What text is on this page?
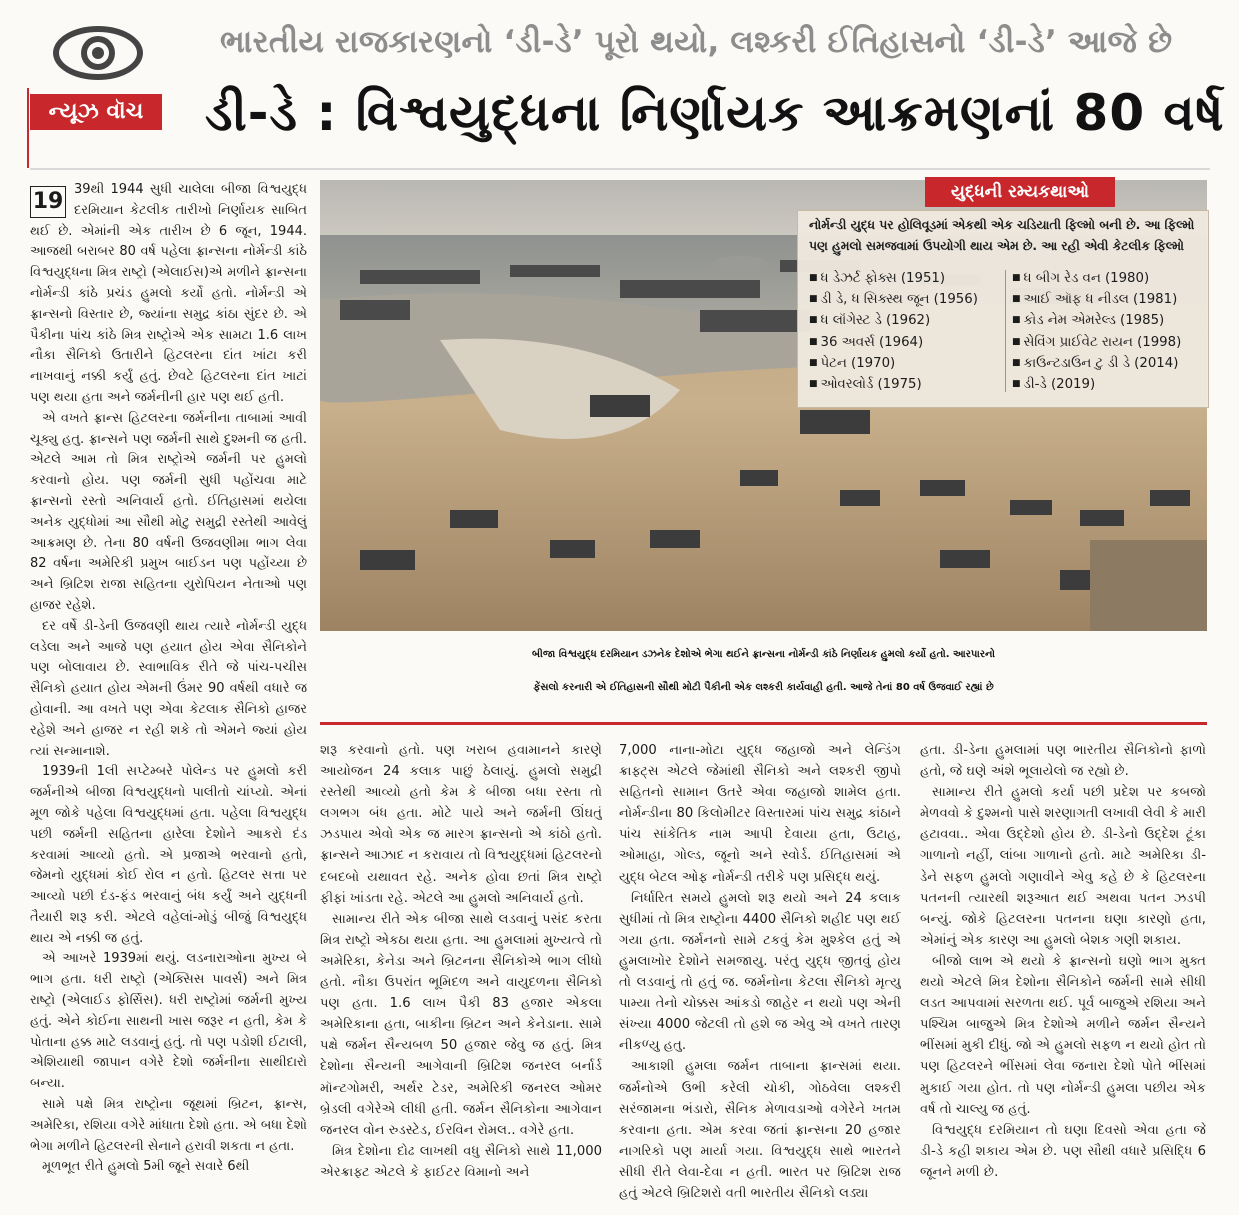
ન્યૂઝ વૉચ
ભારતીય રાજકારણનો ‘ડી-ડે’ પૂરો થયો, લશ્કરી ઈતિહાસનો ‘ડી-ડે’ આજે છે
ડી-ડે : વિશ્વયુદ્ધના નિર્ણાયક આક્રમણનાં 80 વર્ષ
19 39થી 1944 સુધી ચાલેલા બીજા વિશ્વયુદ્ધ દરમિયાન કેટલીક તારીખો નિર્ણાયક સાબિત થઈ છે. એમાંની એક તારીખ છે 6 જૂન, 1944. આજથી બરાબર 80 વર્ષ પહેલા ફ્રાન્સના નોર્મન્ડી કાંઠે વિશ્વયુદ્ધના મિત્ર રાષ્ટ્રો (એલાઈસ)એ મળીને ફ્રાન્સના નોર્મન્ડી કાંઠે પ્રચંડ હુમલો કર્યો હતો. નોર્મન્ડી એ ફ્રાન્સનો વિસ્તાર છે, જ્યાંના સમુદ્ર કાંઠા સુંદર છે. એ પૈકીના પાંચ કાંઠે મિત્ર રાષ્ટ્રોએ એક સામટા 1.6 લાખ નૌકા સૈનિકો ઉતારીને હિટલરના દાંત ખાંટા કરી નાખવાનું નક્કી કર્યું હતું. છેવટે હિટલરના દાંત ખાટાં પણ થયા હતા અને જર્મનીની હાર પણ થઈ હતી.

એ વખતે ફ્રાન્સ હિટલરના જર્મનીના તાબામાં આવી ચૂક્યુ હતુ. ફ્રાન્સને પણ જર્મની સાથે દુશ્મની જ હતી. એટલે આમ તો મિત્ર રાષ્ટ્રોએ જર્મની પર હુમલો કરવાનો હોય. પણ જર્મની સુધી પહોંચવા માટે ફ્રાન્સનો રસ્તો અનિવાર્ય હતો. ઈતિહાસમાં થયેલા અનેક યુદ્ધોમાં આ સૌથી મોટુ સમુદ્રી રસ્તેથી આવેલું આક્રમણ છે. તેના 80 વર્ષની ઉજવણીમા ભાગ લેવા 82 વર્ષના અમેરિકી પ્રમુખ બાઈડન પણ પહોંચ્યા છે અને બ્રિટિશ રાજા સહિતના યુરોપિયન નેતાઓ પણ હાજર રહેશે.

દર વર્ષે ડી-ડેની ઉજવણી થાય ત્યારે નોર્મન્ડી યુદ્ધ લડેલા અને આજે પણ હયાત હોય એવા સૈનિકોને પણ બોલાવાય છે. સ્વાભાવિક રીતે જે પાંચ-પચીસ સૈનિકો હયાત હોય એમની ઉંમર 90 વર્ષથી વધારે જ હોવાની. આ વખતે પણ એવા કેટલાક સૈનિકો હાજર રહેશે અને હાજર ન રહી શકે તો એમને જ્યાં હોય ત્યાં સન્માનાશે.

1939ની 1લી સપ્ટેમ્બરે પોલેન્ડ પર હુમલો કરી જર્મનીએ બીજા વિશ્વયુદ્ધનો પાલીતો ચાંપ્યો. એનાં મૂળ જોકે પહેલા વિશ્વયુદ્ધમાં હતા. પહેલા વિશ્વયુદ્ધ પછી જર્મની સહિતના હારેલા દેશોને આકરો દંડ કરવામાં આવ્યો હતો. એ પ્રજાએ ભરવાનો હતો, જેમનો યુદ્ધમાં કોઈ રોલ ન હતો. હિટલર સત્તા પર આવ્યો પછી દંડ-ફંડ ભરવાનું બંધ કર્યું અને યુદ્ધની તૈયારી શરૂ કરી. એટલે વહેલાં-મોડું બીજું વિશ્વયુદ્ધ થાય એ નક્કી જ હતું.

એ આખરે 1939માં થયું. લડનારાઓના મુખ્ય બે ભાગ હતા. ધરી રાષ્ટ્રો (એક્સિસ પાવર્સ) અને મિત્ર રાષ્ટ્રો (એલાઈડ ફોર્સિસ). ધરી રાષ્ટ્રોમાં જર્મની મુખ્ય હતું. એને કોઈના સાથની ખાસ જરૂર ન હતી, કેમ કે પોતાના હક્ક માટે લડવાનું હતું. તો પણ પડોશી ઈટાલી, એશિયાથી જાપાન વગેરે દેશો જર્મનીના સાથીદારો બન્યા.

સામે પક્ષે મિત્ર રાષ્ટ્રોના જૂથમાં બ્રિટન, ફ્રાન્સ, અમેરિકા, રશિયા વગેરે માંધાતા દેશો હતા. એ બધા દેશો ભેગા મળીને હિટલરની સેનાને હરાવી શકતા ન હતા.

મૂળભૂત રીતે હુમલો 5મી જૂને સવારે 6થી

યુદ્ધની રમ્યકથાઓ
નોર્મન્ડી યુદ્ધ પર હોલિવૂડમાં એકથી એક ચડિયાતી ફિલ્મો બની છે. આ ફિલ્મો પણ હુમલો સમજવામાં ઉપયોગી થાય એમ છે. આ રહી એવી કેટલીક ફિલ્મો
■ ધ ડેઝર્ટ ફોક્સ (1951)
■ ડી ડે, ધ સિક્સ્થ જૂન (1956)
■ ધ લૉંગેસ્ટ ડે (1962)
■ 36 અવર્સ (1964)
■ પેટન (1970)
■ ઓવરલોર્ડ (1975)
■ ધ બીગ રેડ વન (1980)
■ આઈ ઑફ ધ નીડલ (1981)
■ કોડ નેમ એમરેલ્ડ (1985)
■ સેવિંગ પ્રાઈવેટ રાયન (1998)
■ કાઉન્ટડાઉન ટુ ડી ડે (2014)
■ ડી-ડે (2019)
બીજા વિશ્વયુદ્ધ દરમિયાન ડઝનેક દેશોએ ભેગા થઈને ફ્રાન્સના નોર્મન્ડી કાંઠે નિર્ણાયક હુમલો કર્યો હતો. આરપારનો
ફેંસલો કરનારી એ ઈતિહાસની સૌથી મોટી પૈકીની એક લશ્કરી કાર્યવાહી હતી. આજે તેનાં 80 વર્ષ ઉજવાઈ રહ્યાં છે

શરૂ કરવાનો હતો. પણ ખરાબ હવામાનને કારણે આયોજન 24 કલાક પાછું ઠેલાયું. હુમલો સમુદ્રી રસ્તેથી આવ્યો હતો કેમ કે બીજા બધા રસ્તા તો લગભગ બંધ હતા. મોટે પાયે અને જર્મની ઊંઘતું ઝડપાય એવો એક જ મારગ ફ્રાન્સનો એ કાંઠો હતો. ફ્રાન્સને આઝાદ ન કરાવાય તો વિશ્વયુદ્ધમાં હિટલરનો દબદબો યથાવત રહે. અનેક હોવા છતાં મિત્ર રાષ્ટ્રો ફીફાં ખાંડતા રહે. એટલે આ હુમલો અનિવાર્ય હતો.

સામાન્ય રીતે એક બીજા સાથે લડવાનું પસંદ કરતા મિત્ર રાષ્ટ્રો એકઠા થયા હતા. આ હુમલામાં મુખ્યત્વે તો અમેરિકા, કેનેડા અને બ્રિટનના સૈનિકોએ ભાગ લીધો હતો. નૌકા ઉપરાંત ભૂમિદળ અને વાયુદળના સૈનિકો પણ હતા. 1.6 લાખ પૈકી 83 હજાર એકલા અમેરિકાના હતા, બાકીના બ્રિટન અને કેનેડાના. સામે પક્ષે જર્મન સૈન્યબળ 50 હજાર જેવુ જ હતું. મિત્ર દેશોના સૈન્યની આગેવાની બ્રિટિશ જનરલ બર્નાર્ડ મૉન્ટગોમરી, અર્થર ટેડર, અમેરિકી જનરલ ઓમર બ્રેડલી વગેરેએ લીધી હતી. જર્મન સૈનિકોના આગેવાન જનરલ વોન રુડસ્ટેડ, ઈરવિન રોમલ.. વગેરે હતા.

મિત્ર દેશોના દોઢ લાખથી વધુ સૈનિકો સાથે 11,000 એરક્રાફ્ટ એટલે કે ફાઈટર વિમાનો અને

7,000 નાના-મોટા યુદ્ધ જહાજો અને લેન્ડિંગ ક્રાફ્ટ્સ એટલે જેમાંથી સૈનિકો અને લશ્કરી જીપો સહિતનો સામાન ઉતરે એવા જહાજો શામેલ હતા. નોર્મન્ડીના 80 કિલોમીટર વિસ્તારમાં પાંચ સમુદ્ર કાંઠાને પાંચ સાંકેતિક નામ આપી દેવાયા હતા, ઉટાહ, ઓમાહા, ગોલ્ડ, જૂનો અને સ્વોર્ડ. ઈતિહાસમાં એ યુદ્ધ બેટલ ઓફ નોર્મન્ડી તરીકે પણ પ્રસિદ્ધ થયું.

નિર્ધારિત સમયે હુમલો શરૂ થયો અને 24 કલાક સુધીમાં તો મિત્ર રાષ્ટ્રોના 4400 સૈનિકો શહીદ પણ થઈ ગયા હતા. જર્મનનો સામે ટકવું કેમ મુશ્કેલ હતું એ હુમલાખોર દેશોને સમજાયુ. પરંતુ યુદ્ધ જીતવું હોય તો લડવાનું તો હતું જ. જર્મનોના કેટલા સૈનિકો મૃત્યુ પામ્યા તેનો ચોક્કસ આંકડો જાહેર ન થયો પણ એની સંખ્યા 4000 જેટલી તો હશે જ એવુ એ વખતે તારણ નીકળ્યુ હતુ.

આકાશી હુમલા જર્મન તાબાના ફ્રાન્સમાં થયા. જર્મનોએ ઉભી કરેલી ચોકી, ગોઠવેલા લશ્કરી સરંજામના ભંડારો, સૈનિક મેળાવડાઓ વગેરેને ખતમ કરવાના હતા. એમ કરવા જતાં ફ્રાન્સના 20 હજાર નાગરિકો પણ માર્યા ગયા. વિશ્વયુદ્ધ સાથે ભારતને સીધી રીતે લેવા-દેવા ન હતી. ભારત પર બ્રિટિશ રાજ હતું એટલે બ્રિટિશરો વતી ભારતીય સૈનિકો લડ્યા

હતા. ડી-ડેના હુમલામાં પણ ભારતીય સૈનિકોનો ફાળો હતો, જે ઘણે અંશે ભૂલાયેલો જ રહ્યો છે.

સામાન્ય રીતે હુમલો કર્યા પછી પ્રદેશ પર કબજો મેળવવો કે દુશ્મનો પાસે શરણાગતી લખાવી લેવી કે મારી હટાવવા.. એવા ઉદ્દેશો હોય છે. ડી-ડેનો ઉદ્દેશ ટૂંકા ગાળાનો નહીં, લાંબા ગાળાનો હતો. માટે અમેરિકા ડી-ડેને સફળ હુમલો ગણાવીને એવુ કહે છે કે હિટલરના પતનની ત્યારથી શરૂઆત થઈ અથવા પતન ઝડપી બન્યું. જોકે હિટલરના પતનના ઘણા કારણો હતા, એમાંનું એક કારણ આ હુમલો બેશક ગણી શકાય.

બીજો લાભ એ થયો કે ફ્રાન્સનો ઘણો ભાગ મુક્ત થયો એટલે મિત્ર દેશોના સૈનિકોને જર્મની સામે સીધી લડત આપવામાં સરળતા થઈ. પૂર્વ બાજુએ રશિયા અને પશ્ચિમ બાજુએ મિત્ર દેશોએ મળીને જર્મન સૈન્યને ભીંસમાં મુકી દીધું. જો એ હુમલો સફળ ન થયો હોત તો પણ હિટલરને ભીંસમાં લેવા જનારા દેશો પોતે ભીંસમાં મુકાઈ ગયા હોત. તો પણ નોર્મન્ડી હુમલા પછીય એક વર્ષ તો ચાલ્યુ જ હતું.

વિશ્વયુદ્ધ દરમિયાન તો ઘણા દિવસો એવા હતા જે ડી-ડે કહી શકાય એમ છે. પણ સૌથી વધારે પ્રસિદ્ધિ 6 જૂનને મળી છે.
